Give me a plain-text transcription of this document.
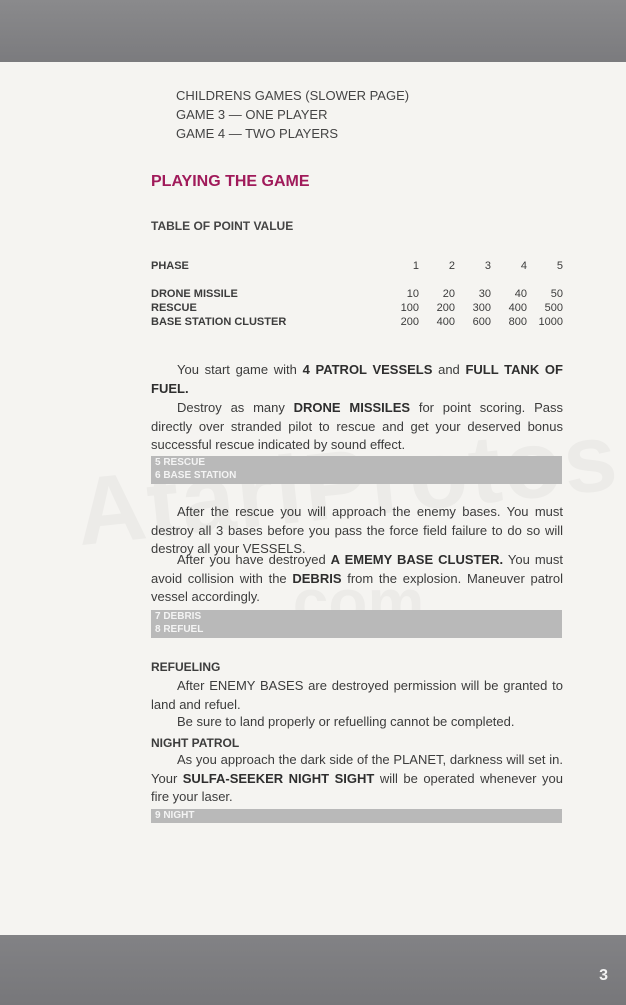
CHILDRENS GAMES (SLOWER PAGE)
GAME 3 — ONE PLAYER
GAME 4 — TWO PLAYERS
PLAYING THE GAME
TABLE OF POINT VALUE
PHASE	1	2	3	4	5

DRONE MISSILE	10	20	30	40	50
RESCUE	100	200	300	400	500
BASE STATION CLUSTER	200	400	600	800	1000

You start game with 4 PATROL VESSELS and FULL TANK OF FUEL.

Destroy as many DRONE MISSILES for point scoring. Pass directly over stranded pilot to rescue and get your deserved bonus successful rescue indicated by sound effect.

5 RESCUE
6 BASE STATION

After the rescue you will approach the enemy bases. You must destroy all 3 bases before you pass the force field failure to do so will destroy all your VESSELS.

After you have destroyed A EMEMY BASE CLUSTER. You must avoid collision with the DEBRIS from the explosion. Maneuver patrol vessel accordingly.

7 DEBRIS
8 REFUEL
REFUELING

After ENEMY BASES are destroyed permission will be granted to land and refuel.

Be sure to land properly or refuelling cannot be completed.

NIGHT PATROL

As you approach the dark side of the PLANET, darkness will set in. Your SULFA-SEEKER NIGHT SIGHT will be operated whenever you fire your laser.

9 NIGHT
3
